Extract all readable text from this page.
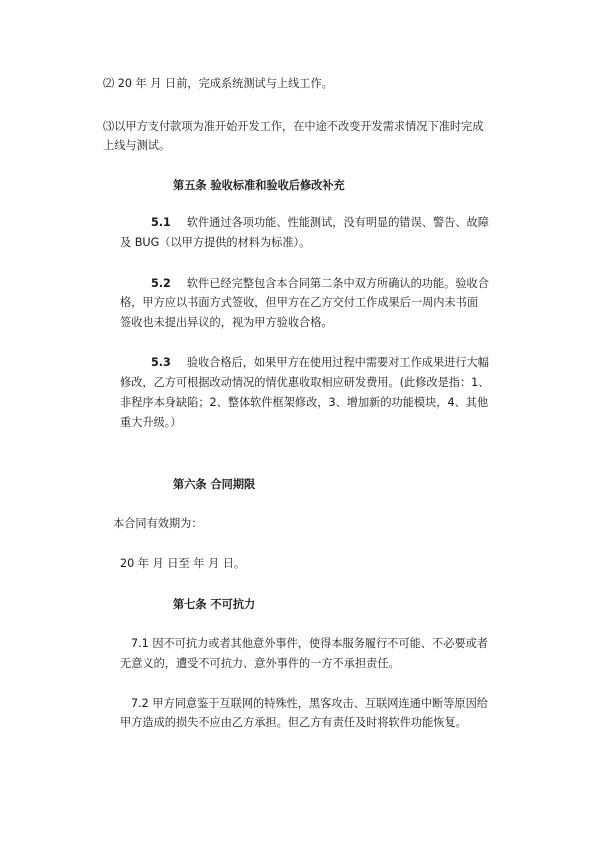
⑵ 20 年 月 日前，完成系统测试与上线工作。

⑶以甲方支付款项为准开始开发工作，在中途不改变开发需求情况下准时完成

上线与测试。

第五条 验收标准和验收后修改补充

5.1 软件通过各项功能、性能测试，没有明显的错误、警告、故障

及 BUG（以甲方提供的材料为标准）。

5.2 软件已经完整包含本合同第二条中双方所确认的功能。验收合

格，甲方应以书面方式签收，但甲方在乙方交付工作成果后一周内未书面

签收也未提出异议的，视为甲方验收合格。

5.3 验收合格后，如果甲方在使用过程中需要对工作成果进行大幅

修改，乙方可根据改动情况的情优惠收取相应研发费用。(此修改是指：1、

非程序本身缺陷；2、整体软件框架修改，3、增加新的功能模块，4、其他

重大升级。）

第六条 合同期限

本合同有效期为：

20 年 月 日至 年 月 日。

第七条 不可抗力

7.1 因不可抗力或者其他意外事件，使得本服务履行不可能、不必要或者

无意义的，遭受不可抗力、意外事件的一方不承担责任。

7.2 甲方同意鉴于互联网的特殊性，黑客攻击、互联网连通中断等原因给

甲方造成的损失不应由乙方承担。但乙方有责任及时将软件功能恢复。
